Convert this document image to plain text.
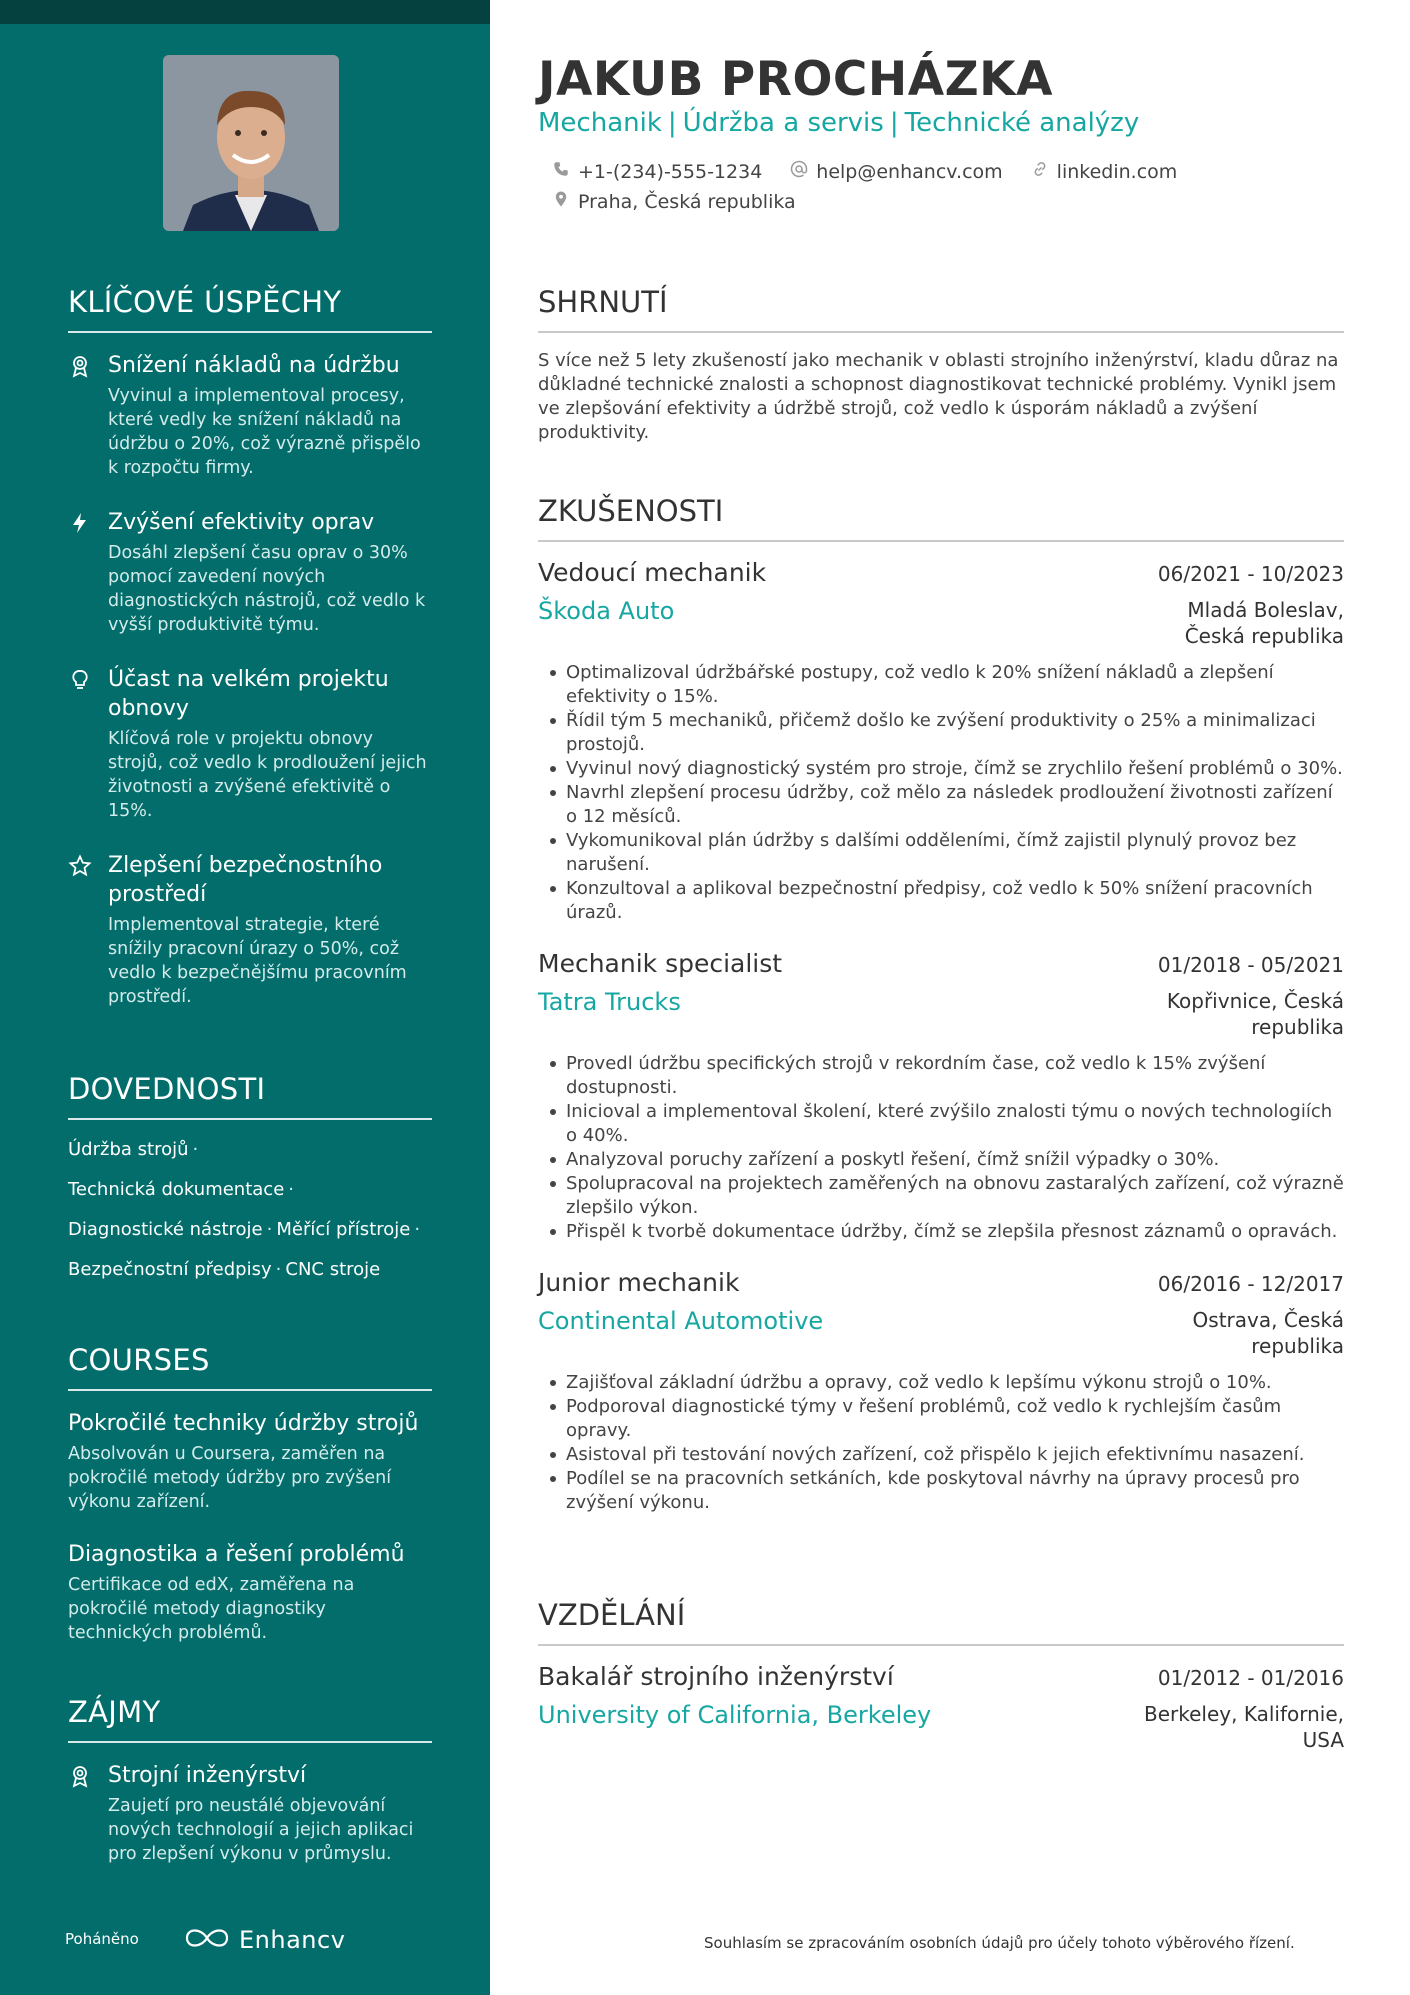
KLÍČOVÉ ÚSPĚCHY
Snížení nákladů na údržbu
Vyvinul a implementoval procesy, které vedly ke snížení nákladů na údržbu o 20%, což výrazně přispělo k rozpočtu firmy.
Zvýšení efektivity oprav
Dosáhl zlepšení času oprav o 30% pomocí zavedení nových diagnostických nástrojů, což vedlo k vyšší produktivitě týmu.
Účast na velkém projektu obnovy
Klíčová role v projektu obnovy strojů, což vedlo k prodloužení jejich životnosti a zvýšené efektivitě o 15%.
Zlepšení bezpečnostního prostředí
Implementoval strategie, které snížily pracovní úrazy o 50%, což vedlo k bezpečnějšímu pracovním prostředí.
DOVEDNOSTI
Údržba strojů ·
Technická dokumentace ·
Diagnostické nástroje · Měřící přístroje ·
Bezpečnostní předpisy · CNC stroje
COURSES
Pokročilé techniky údržby strojů
Absolvován u Coursera, zaměřen na pokročilé metody údržby pro zvýšení výkonu zařízení.
Diagnostika a řešení problémů
Certifikace od edX, zaměřena na pokročilé metody diagnostiky technických problémů.
ZÁJMY
Strojní inženýrství
Zaujetí pro neustálé objevování nových technologií a jejich aplikaci pro zlepšení výkonu v průmyslu.
Poháněno	Enhancv
JAKUB PROCHÁZKA
Mechanik | Údržba a servis | Technické analýzy
+1-(234)-555-1234	help@enhancv.com	linkedin.com
Praha, Česká republika
SHRNUTÍ
S více než 5 lety zkušeností jako mechanik v oblasti strojního inženýrství, kladu důraz na důkladné technické znalosti a schopnost diagnostikovat technické problémy. Vynikl jsem ve zlepšování efektivity a údržbě strojů, což vedlo k úsporám nákladů a zvýšení produktivity.
ZKUŠENOSTI
Vedoucí mechanik	06/2021 - 10/2023
Škoda Auto	Mladá Boleslav, Česká republika
Optimalizoval údržbářské postupy, což vedlo k 20% snížení nákladů a zlepšení efektivity o 15%.
Řídil tým 5 mechaniků, přičemž došlo ke zvýšení produktivity o 25% a minimalizaci prostojů.
Vyvinul nový diagnostický systém pro stroje, čímž se zrychlilo řešení problémů o 30%.
Navrhl zlepšení procesu údržby, což mělo za následek prodloužení životnosti zařízení o 12 měsíců.
Vykomunikoval plán údržby s dalšími odděleními, čímž zajistil plynulý provoz bez narušení.
Konzultoval a aplikoval bezpečnostní předpisy, což vedlo k 50% snížení pracovních úrazů.
Mechanik specialist	01/2018 - 05/2021
Tatra Trucks	Kopřivnice, Česká republika
Provedl údržbu specifických strojů v rekordním čase, což vedlo k 15% zvýšení dostupnosti.
Inicioval a implementoval školení, které zvýšilo znalosti týmu o nových technologiích o 40%.
Analyzoval poruchy zařízení a poskytl řešení, čímž snížil výpadky o 30%.
Spolupracoval na projektech zaměřených na obnovu zastaralých zařízení, což výrazně zlepšilo výkon.
Přispěl k tvorbě dokumentace údržby, čímž se zlepšila přesnost záznamů o opravách.
Junior mechanik	06/2016 - 12/2017
Continental Automotive	Ostrava, Česká republika
Zajišťoval základní údržbu a opravy, což vedlo k lepšímu výkonu strojů o 10%.
Podporoval diagnostické týmy v řešení problémů, což vedlo k rychlejším časům opravy.
Asistoval při testování nových zařízení, což přispělo k jejich efektivnímu nasazení.
Podílel se na pracovních setkáních, kde poskytoval návrhy na úpravy procesů pro zvýšení výkonu.
VZDĚLÁNÍ
Bakalář strojního inženýrství	01/2012 - 01/2016
University of California, Berkeley	Berkeley, Kalifornie, USA
Souhlasím se zpracováním osobních údajů pro účely tohoto výběrového řízení.
